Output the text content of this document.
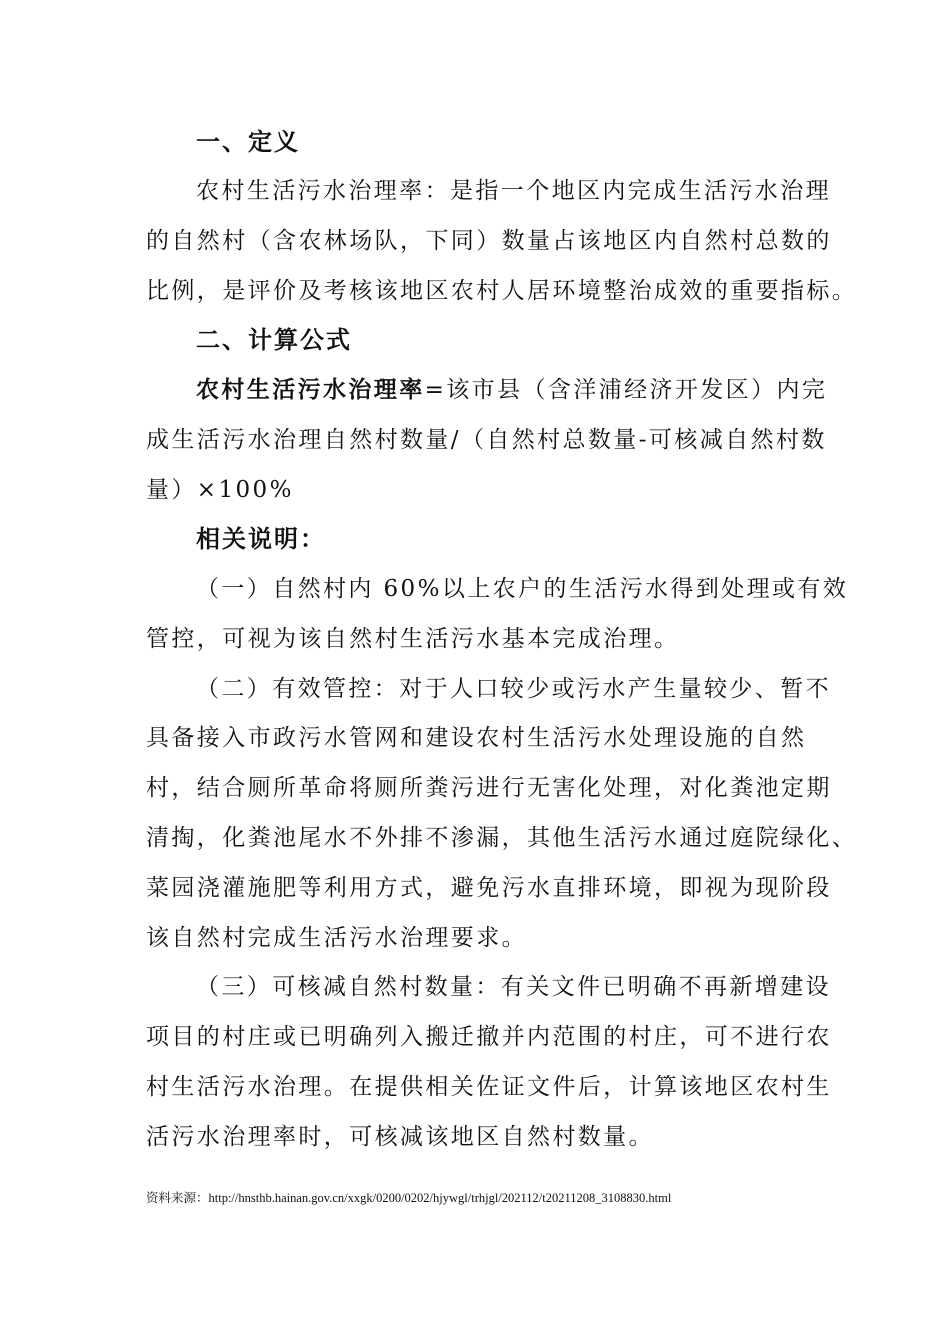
一、定义
农村生活污水治理率：是指一个地区内完成生活污水治理
的自然村（含农林场队，下同）数量占该地区内自然村总数的
比例，是评价及考核该地区农村人居环境整治成效的重要指标。
二、计算公式
农村生活污水治理率=该市县（含洋浦经济开发区）内完
成生活污水治理自然村数量/（自然村总数量-可核减自然村数
量）×100%
相关说明：
（一）自然村内 60%以上农户的生活污水得到处理或有效
管控，可视为该自然村生活污水基本完成治理。
（二）有效管控：对于人口较少或污水产生量较少、暂不
具备接入市政污水管网和建设农村生活污水处理设施的自然
村，结合厕所革命将厕所粪污进行无害化处理，对化粪池定期
清掏，化粪池尾水不外排不渗漏，其他生活污水通过庭院绿化、
菜园浇灌施肥等利用方式，避免污水直排环境，即视为现阶段
该自然村完成生活污水治理要求。
（三）可核减自然村数量：有关文件已明确不再新增建设
项目的村庄或已明确列入搬迁撤并内范围的村庄，可不进行农
村生活污水治理。在提供相关佐证文件后，计算该地区农村生
活污水治理率时，可核减该地区自然村数量。
资料来源：http://hnsthb.hainan.gov.cn/xxgk/0200/0202/hjywgl/trhjgl/202112/t20211208_3108830.html
